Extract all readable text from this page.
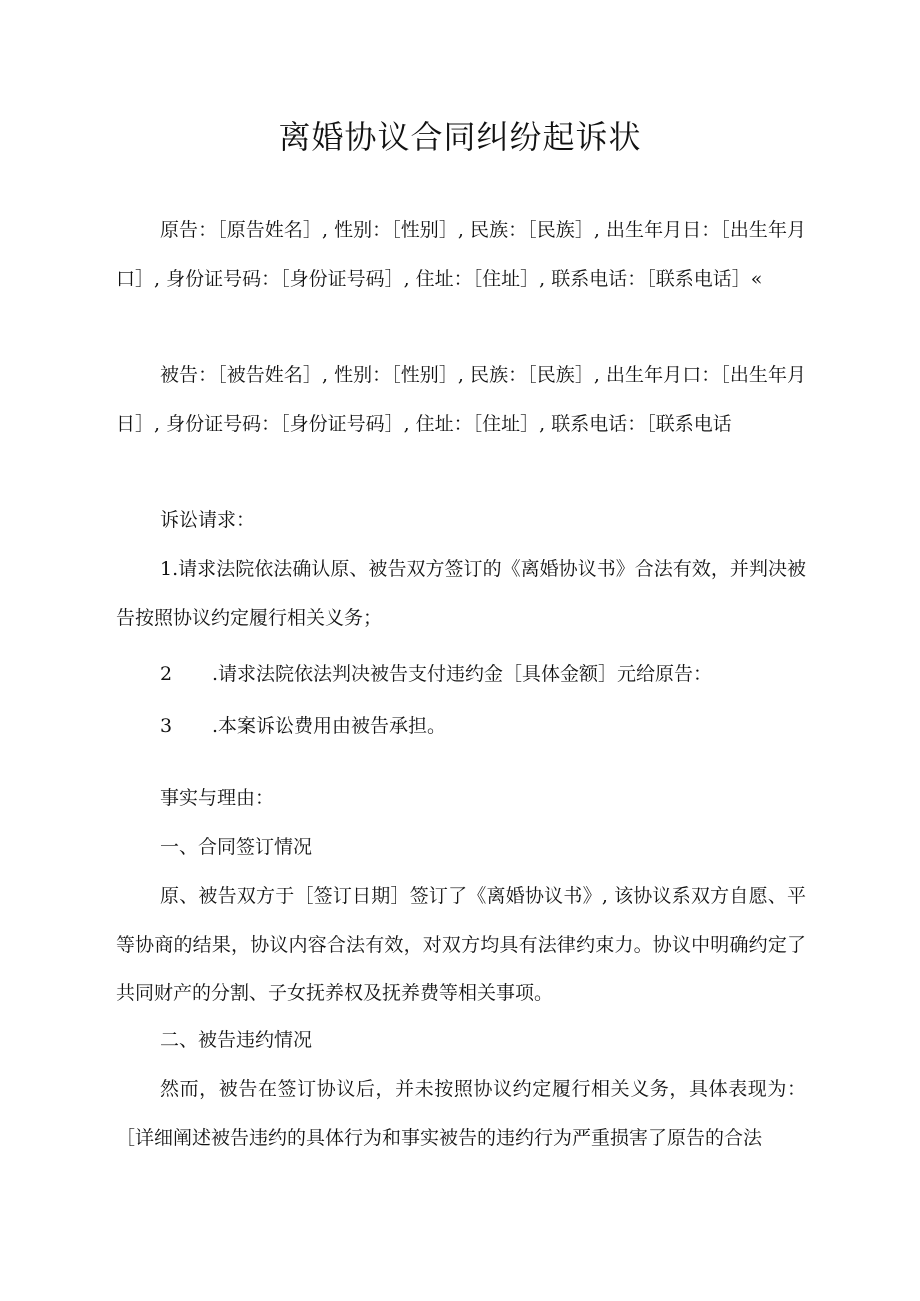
离婚协议合同纠纷起诉状

原告：［原告姓名］, 性别：［性别］, 民族：［民族］, 出生年月日：［出生年月口］, 身份证号码：［身份证号码］, 住址：［住址］, 联系电话：［联系电话］«

被告：［被告姓名］, 性别：［性别］, 民族：［民族］, 出生年月口：［出生年月日］, 身份证号码：［身份证号码］, 住址：［住址］, 联系电话：［联系电话

诉讼请求：

1.请求法院依法确认原、被告双方签订的《离婚协议书》合法有效，并判决被告按照协议约定履行相关义务；
2 .请求法院依法判决被告支付违约金［具体金额］元给原告：
3 .本案诉讼费用由被告承担。

事实与理由：

一、合同签订情况

原、被告双方于［签订日期］签订了《离婚协议书》, 该协议系双方自愿、平等协商的结果，协议内容合法有效，对双方均具有法律约束力。协议中明确约定了共同财产的分割、子女抚养权及抚养费等相关事项。

二、被告违约情况

然而，被告在签订协议后，并未按照协议约定履行相关义务，具体表现为：［详细阐述被告违约的具体行为和事实被告的违约行为严重损害了原告的合法
